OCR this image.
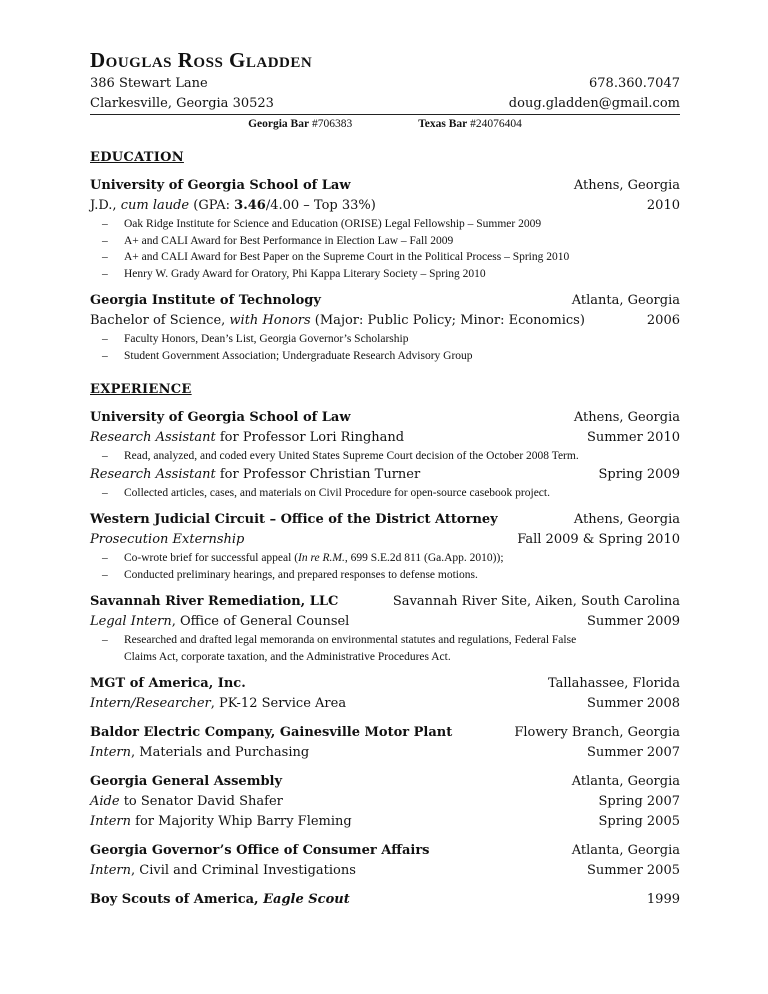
Douglas Ross Gladden
386 Stewart Lane	678.360.7047
Clarkesville, Georgia 30523	doug.gladden@gmail.com
Georgia Bar #706383	Texas Bar #24076404
EDUCATION
University of Georgia School of Law	Athens, Georgia
J.D., cum laude (GPA: 3.46/4.00 – Top 33%)	2010
– Oak Ridge Institute for Science and Education (ORISE) Legal Fellowship – Summer 2009
– A+ and CALI Award for Best Performance in Election Law – Fall 2009
– A+ and CALI Award for Best Paper on the Supreme Court in the Political Process – Spring 2010
– Henry W. Grady Award for Oratory, Phi Kappa Literary Society – Spring 2010
Georgia Institute of Technology	Atlanta, Georgia
Bachelor of Science, with Honors (Major: Public Policy; Minor: Economics)	2006
– Faculty Honors, Dean’s List, Georgia Governor’s Scholarship
– Student Government Association; Undergraduate Research Advisory Group
EXPERIENCE
University of Georgia School of Law	Athens, Georgia
Research Assistant for Professor Lori Ringhand	Summer 2010
– Read, analyzed, and coded every United States Supreme Court decision of the October 2008 Term.
Research Assistant for Professor Christian Turner	Spring 2009
– Collected articles, cases, and materials on Civil Procedure for open-source casebook project.
Western Judicial Circuit – Office of the District Attorney	Athens, Georgia
Prosecution Externship	Fall 2009 & Spring 2010
– Co-wrote brief for successful appeal (In re R.M., 699 S.E.2d 811 (Ga.App. 2010));
– Conducted preliminary hearings, and prepared responses to defense motions.
Savannah River Remediation, LLC	Savannah River Site, Aiken, South Carolina
Legal Intern, Office of General Counsel	Summer 2009
– Researched and drafted legal memoranda on environmental statutes and regulations, Federal False
Claims Act, corporate taxation, and the Administrative Procedures Act.
MGT of America, Inc.	Tallahassee, Florida
Intern/Researcher, PK-12 Service Area	Summer 2008
Baldor Electric Company, Gainesville Motor Plant	Flowery Branch, Georgia
Intern, Materials and Purchasing	Summer 2007
Georgia General Assembly	Atlanta, Georgia
Aide to Senator David Shafer	Spring 2007
Intern for Majority Whip Barry Fleming	Spring 2005
Georgia Governor’s Office of Consumer Affairs	Atlanta, Georgia
Intern, Civil and Criminal Investigations	Summer 2005
Boy Scouts of America, Eagle Scout	1999
